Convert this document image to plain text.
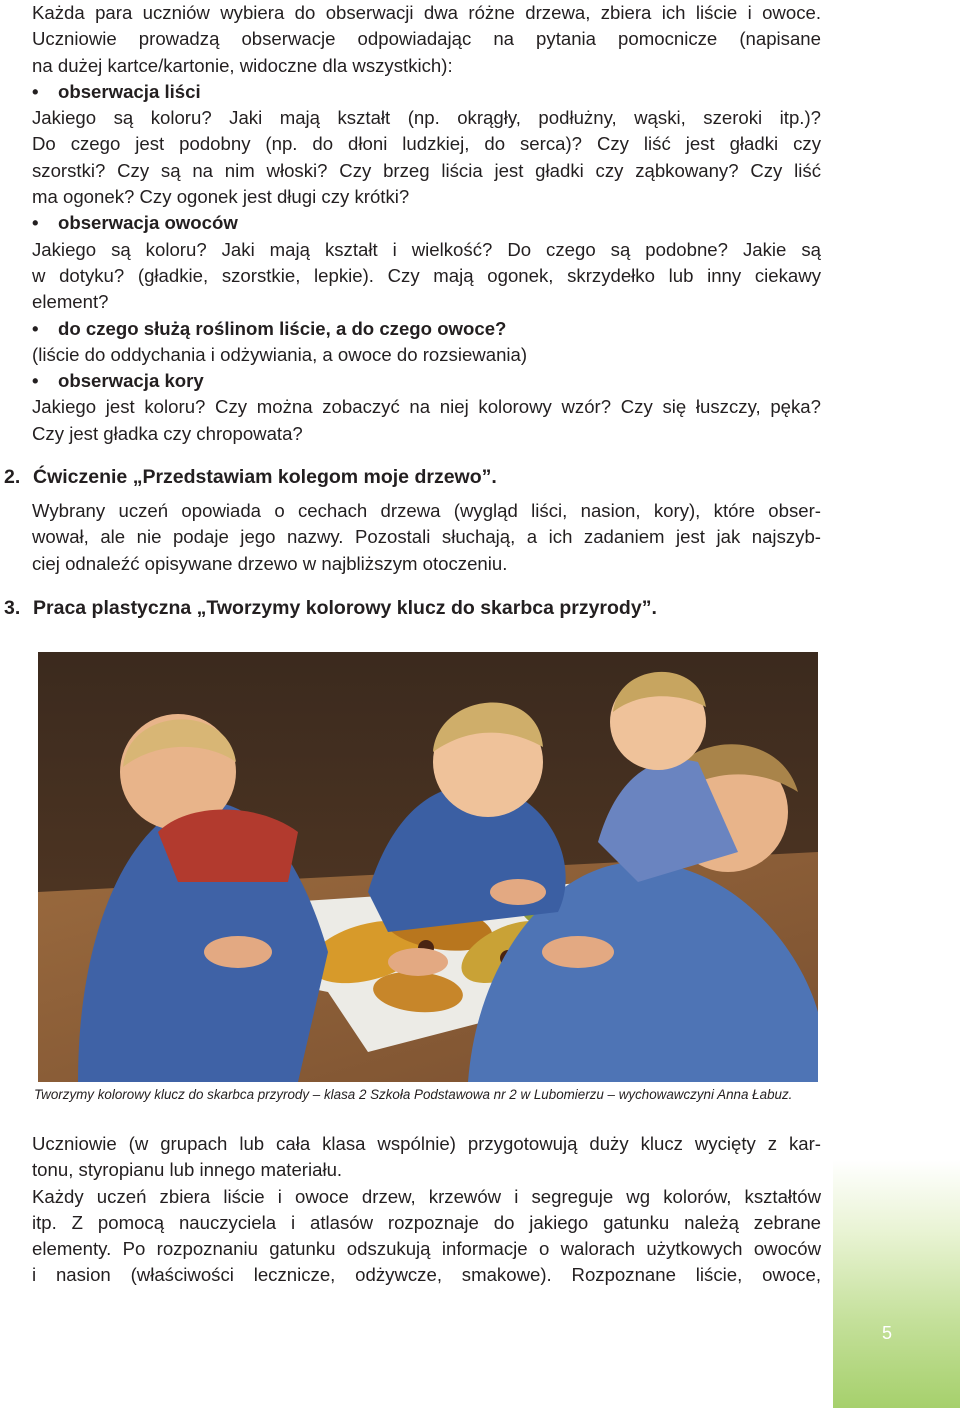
Każda para uczniów wybiera do obserwacji dwa różne drzewa, zbiera ich liście i owoce.

Uczniowie prowadzą obserwacje odpowiadając na pytania pomocnicze (napisane

na dużej kartce/kartonie, widoczne dla wszystkich):

• obserwacja liści

Jakiego są koloru? Jaki mają kształt (np. okrągły, podłużny, wąski, szeroki itp.)?

Do czego jest podobny (np. do dłoni ludzkiej, do serca)? Czy liść jest gładki czy

szorstki? Czy są na nim włoski? Czy brzeg liścia jest gładki czy ząbkowany? Czy liść

ma ogonek? Czy ogonek jest długi czy krótki?

• obserwacja owoców

Jakiego są koloru? Jaki mają kształt i wielkość? Do czego są podobne? Jakie są

w dotyku? (gładkie, szorstkie, lepkie). Czy mają ogonek, skrzydełko lub inny ciekawy

element?

• do czego służą roślinom liście, a do czego owoce?

(liście do oddychania i odżywiania, a owoce do rozsiewania)

• obserwacja kory

Jakiego jest koloru? Czy można zobaczyć na niej kolorowy wzór? Czy się łuszczy, pęka?

Czy jest gładka czy chropowata?

2. Ćwiczenie „Przedstawiam kolegom moje drzewo”.

Wybrany uczeń opowiada o cechach drzewa (wygląd liści, nasion, kory), które obser-

wował, ale nie podaje jego nazwy. Pozostali słuchają, a ich zadaniem jest jak najszyb-

ciej odnaleźć opisywane drzewo w najbliższym otoczeniu.

3. Praca plastyczna „Tworzymy kolorowy klucz do skarbca przyrody”.

Tworzymy kolorowy klucz do skarbca przyrody – klasa 2 Szkoła Podstawowa nr 2 w Lubomierzu – wychowawczyni Anna Łabuz.

Uczniowie (w grupach lub cała klasa wspólnie) przygotowują duży klucz wycięty z kar-

tonu, styropianu lub innego materiału.

Każdy uczeń zbiera liście i owoce drzew, krzewów i segreguje wg kolorów, kształtów

itp. Z pomocą nauczyciela i atlasów rozpoznaje do jakiego gatunku należą zebrane

elementy. Po rozpoznaniu gatunku odszukują informacje o walorach użytkowych owoców

i nasion (właściwości lecznicze, odżywcze, smakowe). Rozpoznane liście, owoce,

5
